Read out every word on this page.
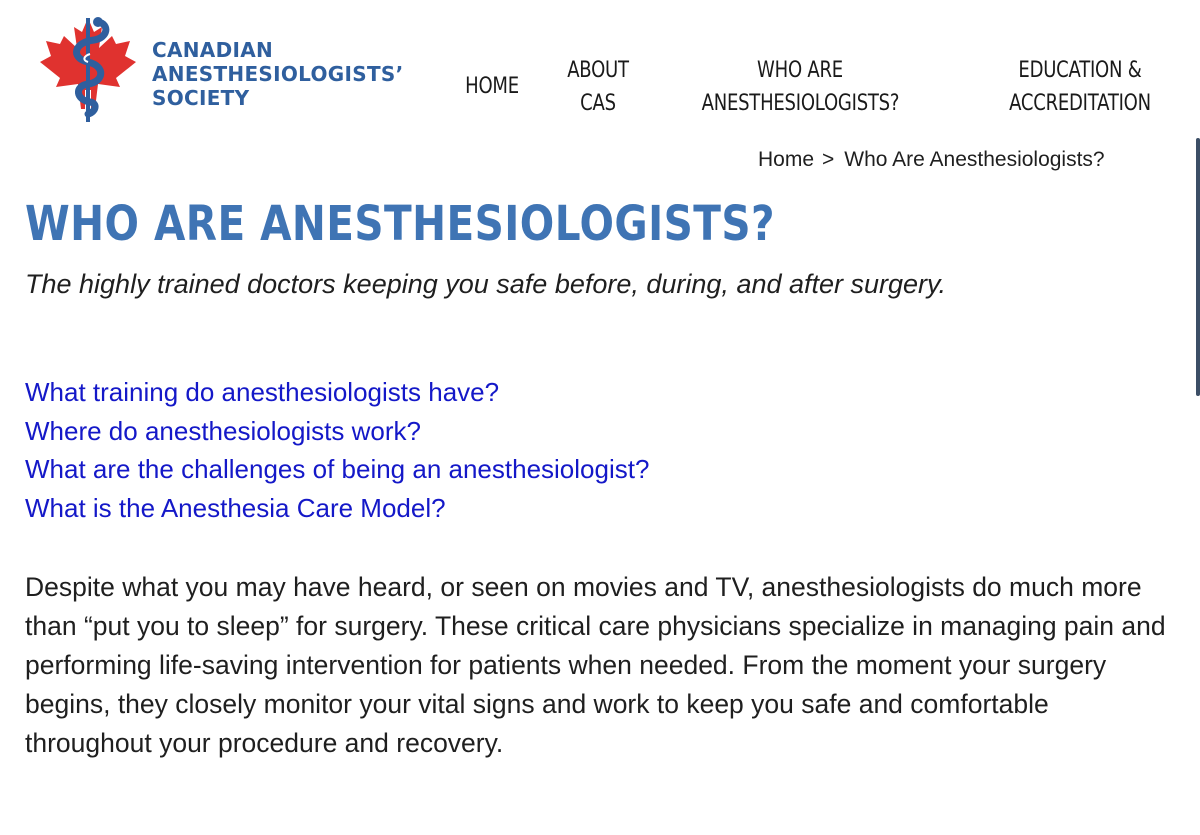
CANADIAN
ANESTHESIOLOGISTS’
SOCIETY	HOME
ABOUT
CAS
WHO ARE
ANESTHESIOLOGISTS?
EDUCATION &
ACCREDITATION
Home > Who Are Anesthesiologists?
WHO ARE ANESTHESIOLOGISTS?

The highly trained doctors keeping you safe before, during, and after surgery.

What training do anesthesiologists have?
Where do anesthesiologists work?
What are the challenges of being an anesthesiologist?
What is the Anesthesia Care Model?

Despite what you may have heard, or seen on movies and TV, anesthesiologists do much more than “put you to sleep” for surgery. These critical care physicians specialize in managing pain and performing life-saving intervention for patients when needed. From the moment your surgery begins, they closely monitor your vital signs and work to keep you safe and comfortable throughout your procedure and recovery.
